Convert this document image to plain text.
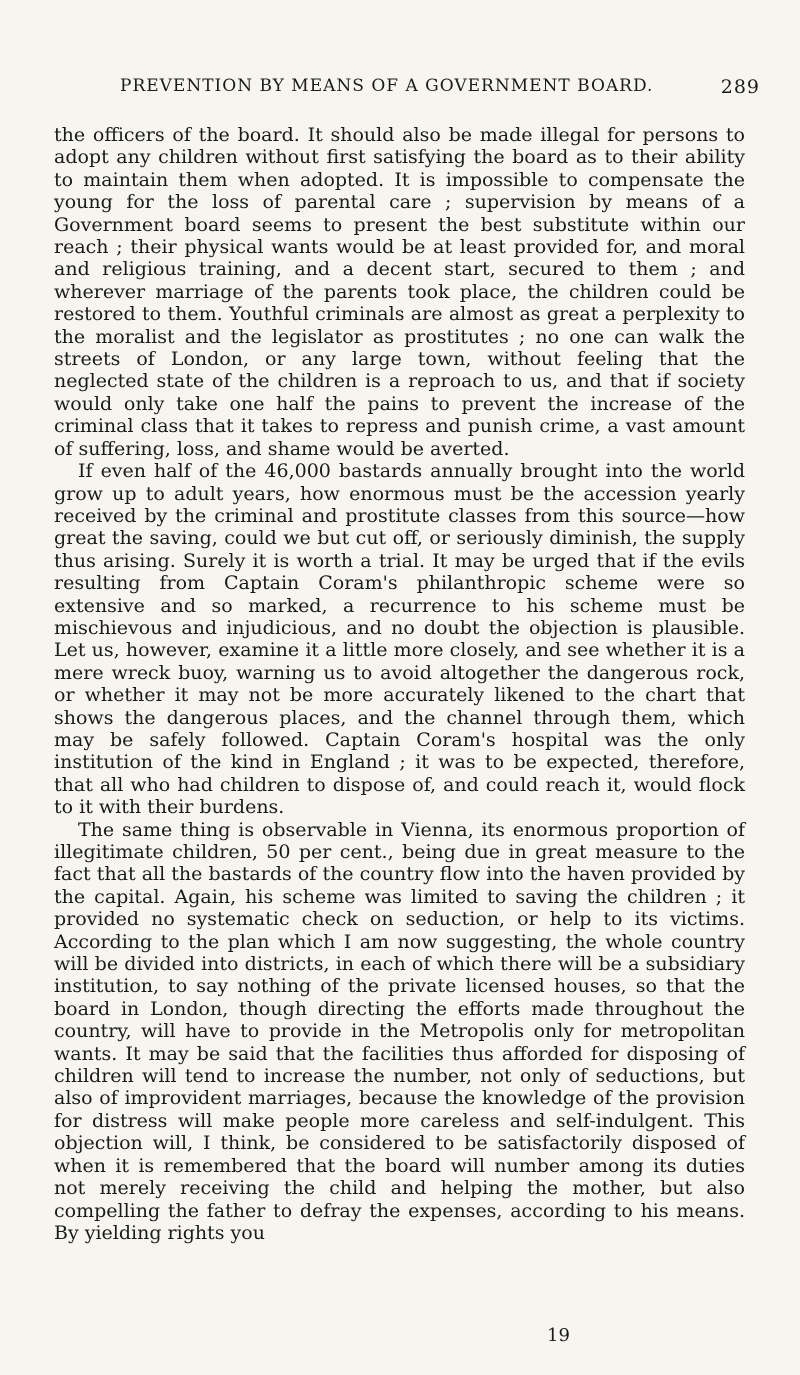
PREVENTION BY MEANS OF A GOVERNMENT BOARD.	289

the officers of the board. It should also be made illegal for persons to adopt any children without first satisfying the board as to their ability to maintain them when adopted. It is impossible to compensate the young for the loss of parental care ; supervision by means of a Government board seems to present the best substitute within our reach ; their physical wants would be at least provided for, and moral and religious training, and a decent start, secured to them ; and wherever marriage of the parents took place, the children could be restored to them. Youthful criminals are almost as great a perplexity to the moralist and the legislator as prostitutes ; no one can walk the streets of London, or any large town, without feeling that the neglected state of the children is a reproach to us, and that if society would only take one half the pains to prevent the increase of the criminal class that it takes to repress and punish crime, a vast amount of suffering, loss, and shame would be averted.

If even half of the 46,000 bastards annually brought into the world grow up to adult years, how enormous must be the accession yearly received by the criminal and prostitute classes from this source—how great the saving, could we but cut off, or seriously diminish, the supply thus arising. Surely it is worth a trial. It may be urged that if the evils resulting from Captain Coram's philanthropic scheme were so extensive and so marked, a recurrence to his scheme must be mischievous and injudicious, and no doubt the objection is plausible. Let us, however, examine it a little more closely, and see whether it is a mere wreck buoy, warning us to avoid altogether the dangerous rock, or whether it may not be more accurately likened to the chart that shows the dangerous places, and the channel through them, which may be safely followed. Captain Coram's hospital was the only institution of the kind in England ; it was to be expected, therefore, that all who had children to dispose of, and could reach it, would flock to it with their burdens.

The same thing is observable in Vienna, its enormous proportion of illegitimate children, 50 per cent., being due in great measure to the fact that all the bastards of the country flow into the haven provided by the capital. Again, his scheme was limited to saving the children ; it provided no systematic check on seduction, or help to its victims. According to the plan which I am now suggesting, the whole country will be divided into districts, in each of which there will be a subsidiary institution, to say nothing of the private licensed houses, so that the board in London, though directing the efforts made throughout the country, will have to provide in the Metropolis only for metropolitan wants. It may be said that the facilities thus afforded for disposing of children will tend to increase the number, not only of seductions, but also of improvident marriages, because the knowledge of the provision for distress will make people more careless and self-indulgent. This objection will, I think, be considered to be satisfactorily disposed of when it is remembered that the board will number among its duties not merely receiving the child and helping the mother, but also compelling the father to defray the expenses, according to his means. By yielding rights you

19
